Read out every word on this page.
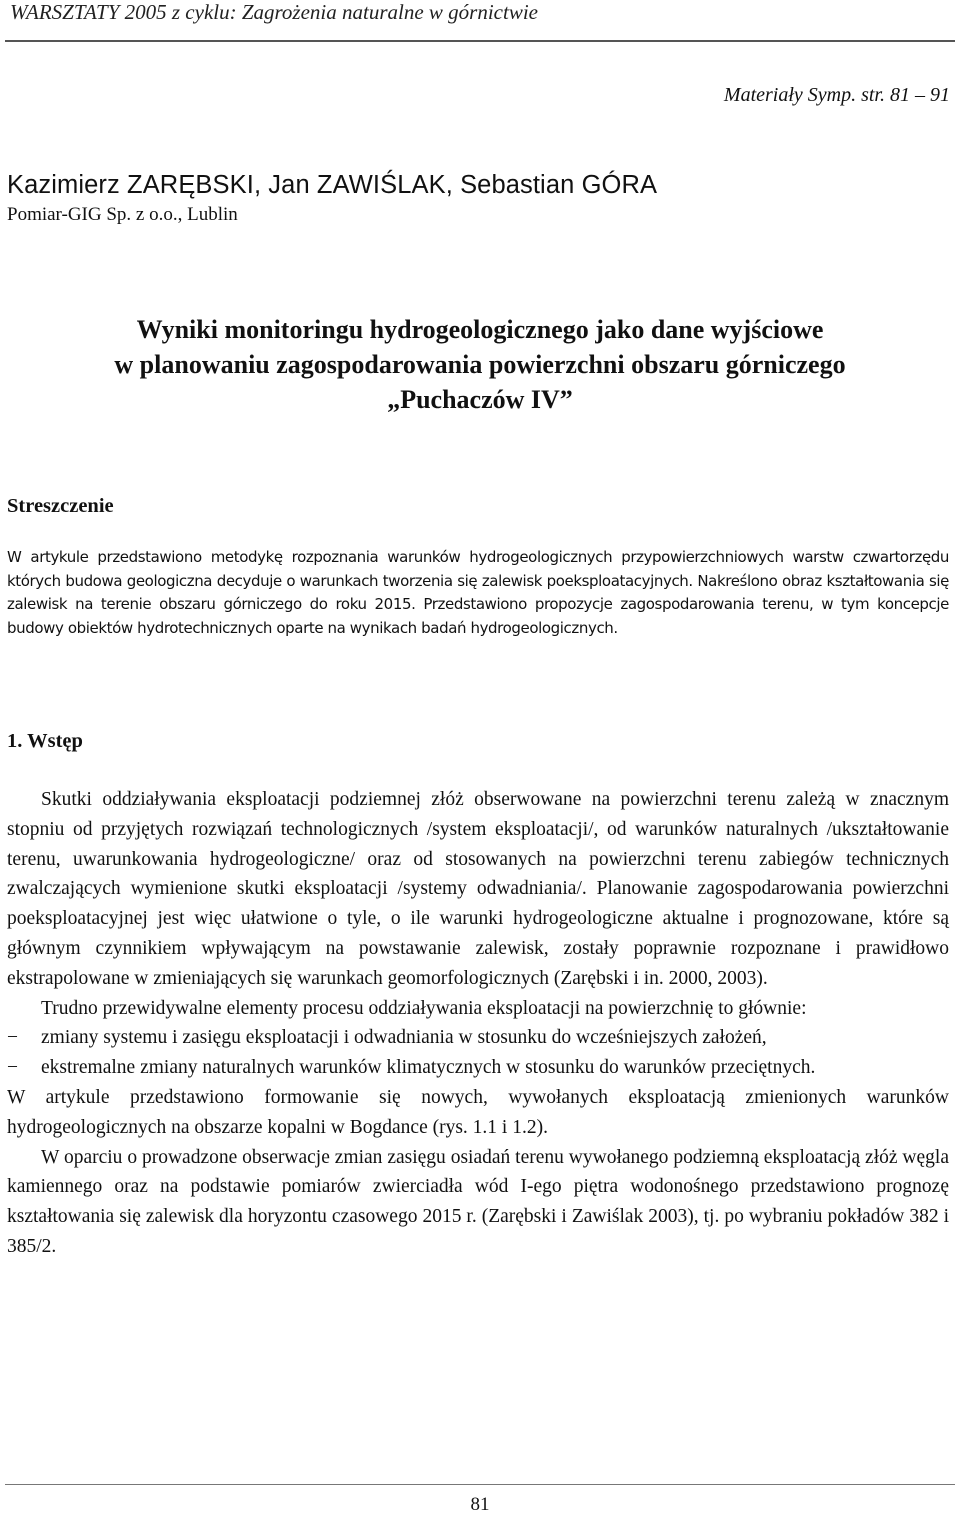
WARSZTATY 2005 z cyklu: Zagrożenia naturalne w górnictwie
Materiały Symp. str. 81 – 91
Kazimierz ZARĘBSKI, Jan ZAWIŚLAK, Sebastian GÓRA
Pomiar-GIG Sp. z o.o., Lublin
Wyniki monitoringu hydrogeologicznego jako dane wyjściowe
w planowaniu zagospodarowania powierzchni obszaru górniczego
„Puchaczów IV”
Streszczenie

W artykule przedstawiono metodykę rozpoznania warunków hydrogeologicznych przypowierzchniowych warstw czwartorzędu których budowa geologiczna decyduje o warunkach tworzenia się zalewisk poeksploatacyjnych. Nakreślono obraz kształtowania się zalewisk na terenie obszaru górniczego do roku 2015. Przedstawiono propozycje zagospodarowania terenu, w tym koncepcje budowy obiektów hydrotechnicznych oparte na wynikach badań hydrogeologicznych.

1. Wstęp

Skutki oddziaływania eksploatacji podziemnej złóż obserwowane na powierzchni terenu zależą w znacznym stopniu od przyjętych rozwiązań technologicznych /system eksploatacji/, od warunków naturalnych /ukształtowanie terenu, uwarunkowania hydrogeologiczne/ oraz od stosowanych na powierzchni terenu zabiegów technicznych zwalczających wymienione skutki eksploatacji /systemy odwadniania/. Planowanie zagospodarowania powierzchni poeksploatacyjnej jest więc ułatwione o tyle, o ile warunki hydrogeologiczne aktualne i prognozowane, które są głównym czynnikiem wpływającym na powstawanie zalewisk, zostały poprawnie rozpoznane i prawidłowo ekstrapolowane w zmieniających się warunkach geomorfologicznych (Zarębski i in. 2000, 2003).

Trudno przewidywalne elementy procesu oddziaływania eksploatacji na powierzchnię to głównie:

− zmiany systemu i zasięgu eksploatacji i odwadniania w stosunku do wcześniejszych założeń,
− ekstremalne zmiany naturalnych warunków klimatycznych w stosunku do warunków przeciętnych.

W artykule przedstawiono formowanie się nowych, wywołanych eksploatacją zmienionych warunków hydrogeologicznych na obszarze kopalni w Bogdance (rys. 1.1 i 1.2).

W oparciu o prowadzone obserwacje zmian zasięgu osiadań terenu wywołanego podziemną eksploatacją złóż węgla kamiennego oraz na podstawie pomiarów zwierciadła wód I-ego piętra wodonośnego przedstawiono prognozę kształtowania się zalewisk dla horyzontu czasowego 2015 r. (Zarębski i Zawiślak 2003), tj. po wybraniu pokładów 382 i 385/2.

81
